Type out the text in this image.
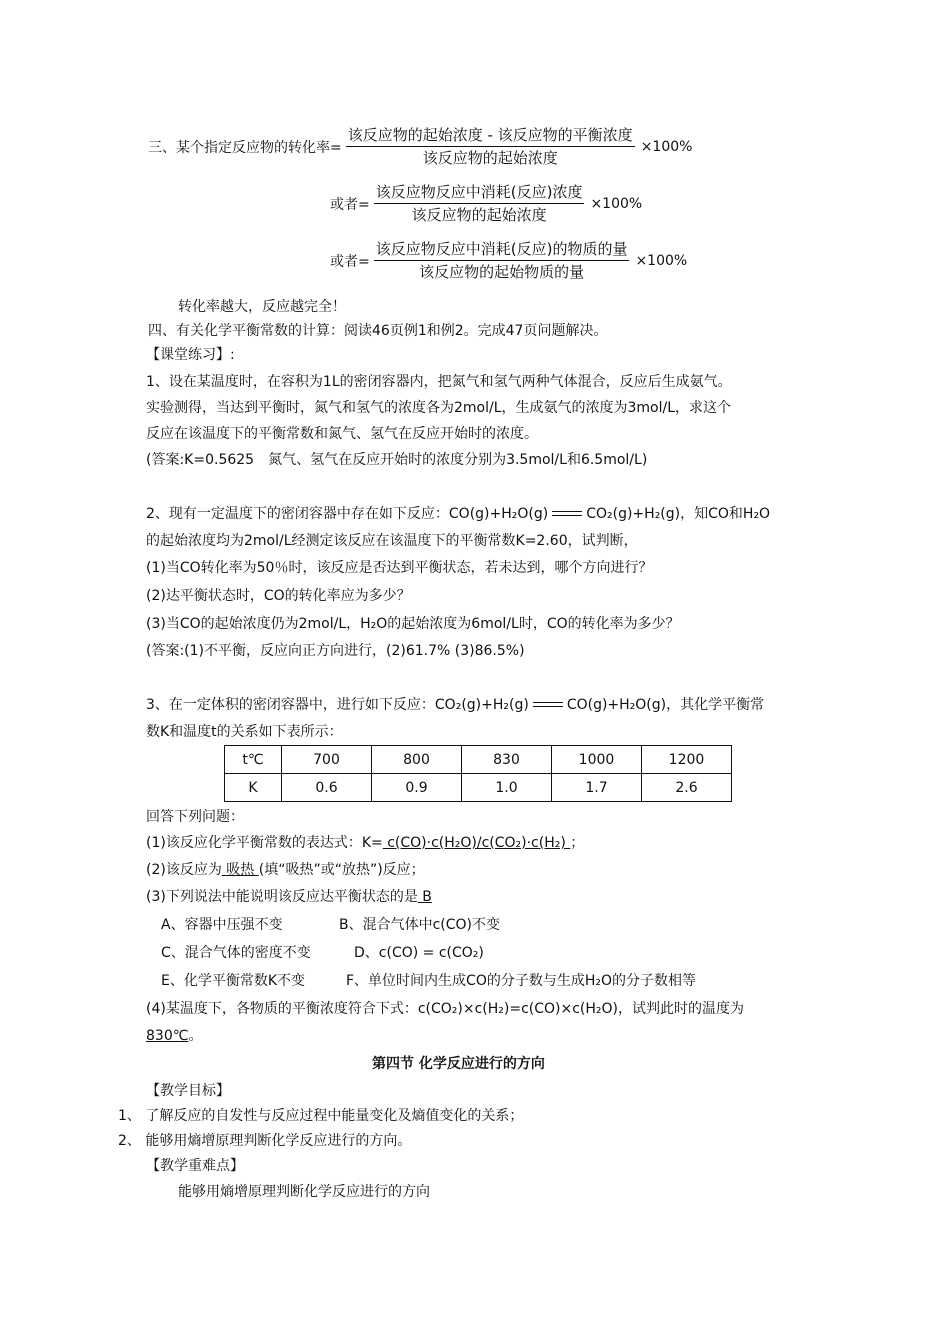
三、某个指定反应物的转化率= $\frac{\text{该反应物的起始浓度 - 该反应物的平衡浓度}}{\text{该反应物的起始浓度}} \times 100\%$
或者= $\frac{\text{该反应物反应中消耗(反应)浓度}}{\text{该反应物的起始浓度}} \times 100\%$
或者= $\frac{\text{该反应物反应中消耗(反应)的物质的量}}{\text{该反应物的起始物质的量}} \times 100\%$
转化率越大，反应越完全！
四、有关化学平衡常数的计算：阅读46页例1和例2。完成47页问题解决。
【课堂练习】:
1、设在某温度时，在容积为1L的密闭容器内，把氮气和氢气两种气体混合，反应后生成氨气。
实验测得，当达到平衡时，氮气和氢气的浓度各为2mol/L，生成氨气的浓度为3mol/L，求这个
反应在该温度下的平衡常数和氮气、氢气在反应开始时的浓度。
(答案:K=0.5625　氮气、氢气在反应开始时的浓度分别为3.5mol/L和6.5mol/L)
2、现有一定温度下的密闭容器中存在如下反应：CO(g)+H₂O(g)	CO₂(g)+H₂(g)，知CO和H₂O
的起始浓度均为2mol/L经测定该反应在该温度下的平衡常数K=2.60，试判断，
(1)当CO转化率为50％时，该反应是否达到平衡状态，若未达到，哪个方向进行？
(2)达平衡状态时，CO的转化率应为多少？
(3)当CO的起始浓度仍为2mol/L，H₂O的起始浓度为6mol/L时，CO的转化率为多少？
(答案:(1)不平衡，反应向正方向进行，(2)61.7% (3)86.5%)
3、在一定体积的密闭容器中，进行如下反应：CO₂(g)+H₂(g)	CO(g)+H₂O(g)，其化学平衡常
数K和温度t的关系如下表所示：
t℃	700	800	830	1000	1200
K	0.6	0.9	1.0	1.7	2.6
回答下列问题：
(1)该反应化学平衡常数的表达式：K= c(CO)·c(H₂O)/c(CO₂)·c(H₂) ；
(2)该反应为 吸热 (填“吸热”或“放热”)反应；
(3)下列说法中能说明该反应达平衡状态的是 B
A、容器中压强不变	B、混合气体中c(CO)不变
C、混合气体的密度不变	D、c(CO) = c(CO₂)
E、化学平衡常数K不变	F、单位时间内生成CO的分子数与生成H₂O的分子数相等
(4)某温度下，各物质的平衡浓度符合下式：c(CO₂)×c(H₂)=c(CO)×c(H₂O)，试判此时的温度为
830℃。
第四节 化学反应进行的方向
【教学目标】
1、 了解反应的自发性与反应过程中能量变化及熵值变化的关系；
2、 能够用熵增原理判断化学反应进行的方向。
【教学重难点】
能够用熵增原理判断化学反应进行的方向
